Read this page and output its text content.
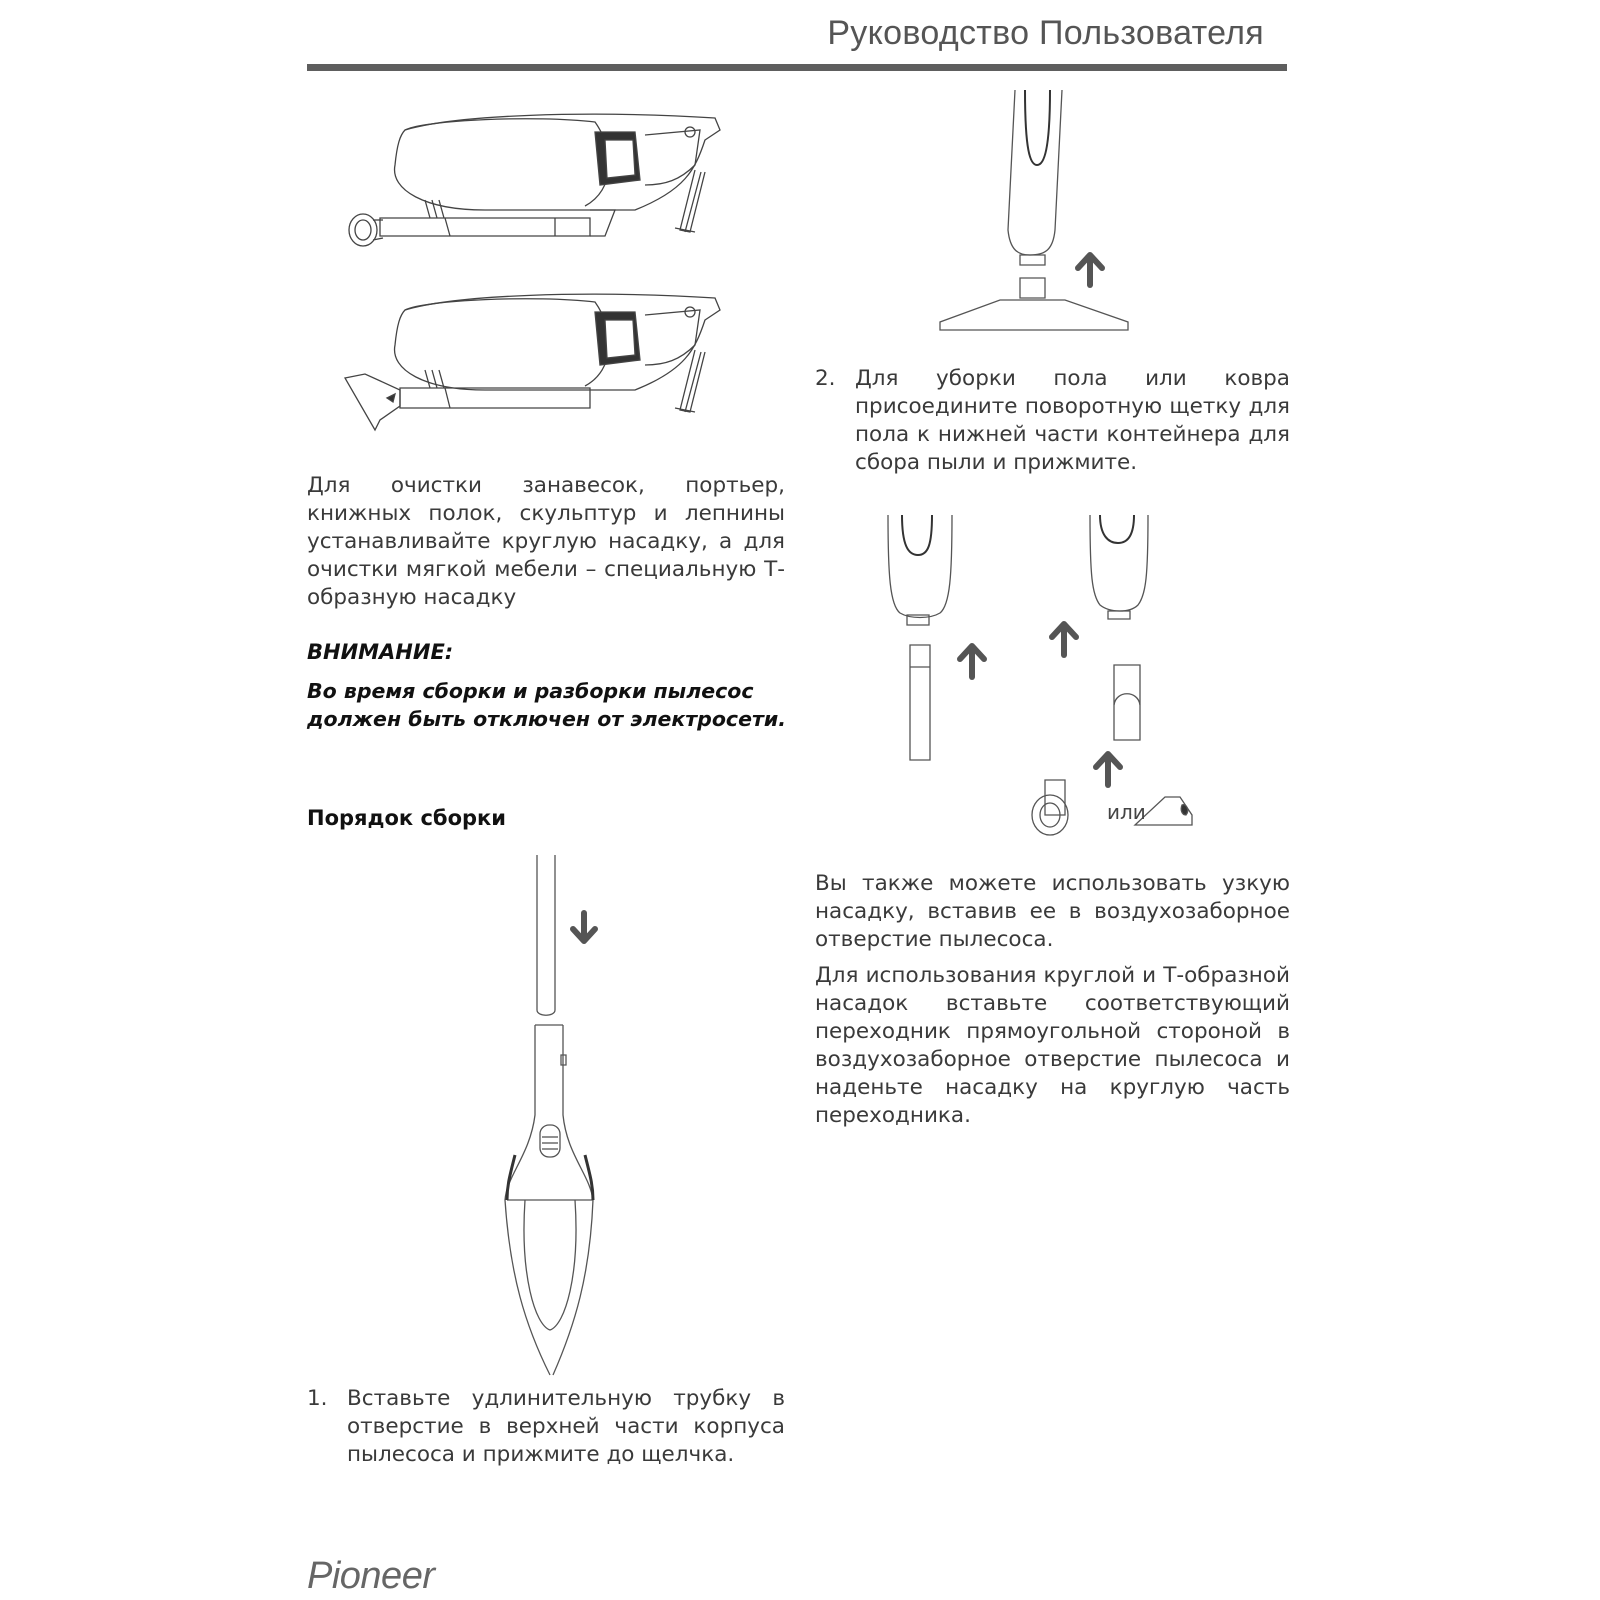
Руководство Пользователя

Для очистки занавесок, портьер, книжных полок, скульптур и лепнины устанавливайте круглую насадку, а для очистки мягкой мебели – специальную Т-образную насадку

ВНИМАНИЕ:
Во время сборки и разборки пылесос должен быть отключен от электросети.
Порядок сборки
1. Вставьте удлинительную трубку в отверстие в верхней части корпуса пылесоса и прижмите до щелчка.
2. Для уборки пола или ковра присоедините поворотную щетку для пола к нижней части контейнера для сбора пыли и прижмите.
или

Вы также можете использовать узкую насадку, вставив ее в воздухозаборное отверстие пылесоса.

Для использования круглой и Т-образной насадок вставьте соответствующий переходник прямоугольной стороной в воздухозаборное отверстие пылесоса и наденьте насадку на круглую часть переходника.

Pioneer
